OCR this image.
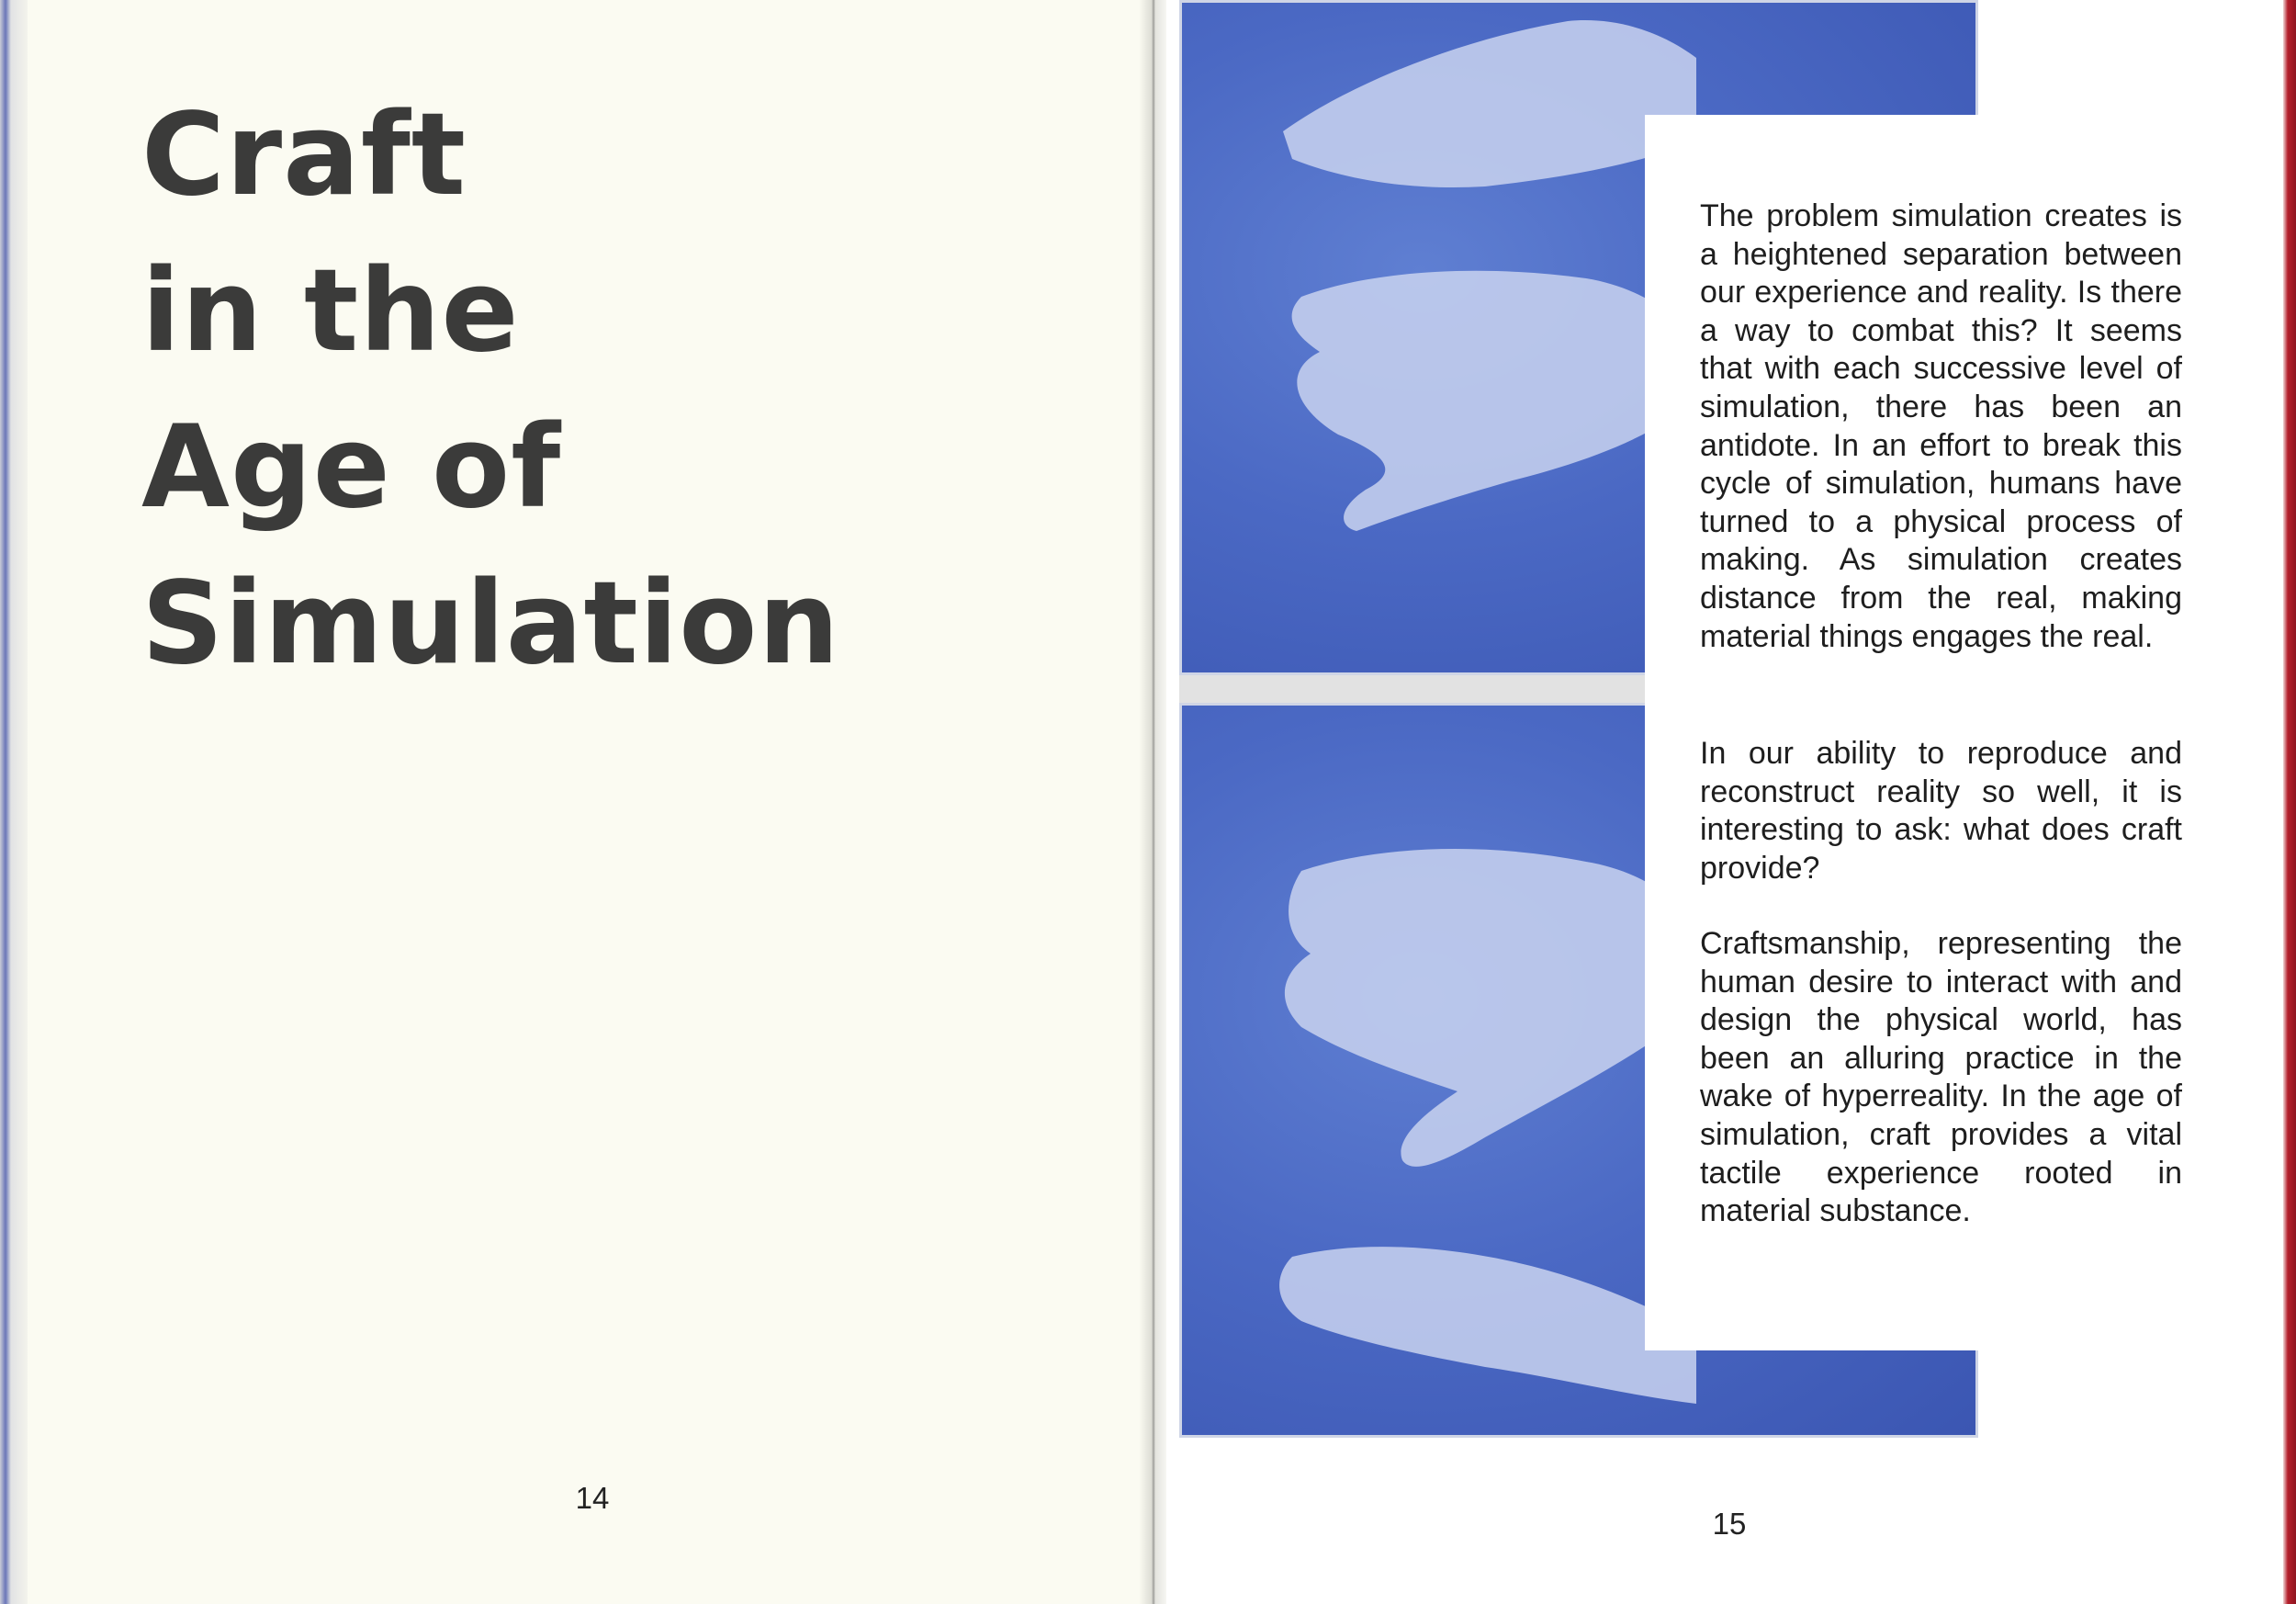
Craft
in the
Age of
Simulation
14

The problem simulation creates is a heightened separation between our experience and reality. Is there a way to combat this? It seems that with each successive level of simulation, there has been an antidote. In an effort to break this cycle of simulation, humans have turned to a physical process of making. As simulation creates distance from the real, making material things engages the real.

In our ability to reproduce and reconstruct reality so well, it is interesting to ask: what does craft provide?

Craftsmanship, representing the human desire to interact with and design the physical world, has been an alluring practice in the wake of hyperreality. In the age of simulation, craft provides a vital tactile experience rooted in material substance.

15
